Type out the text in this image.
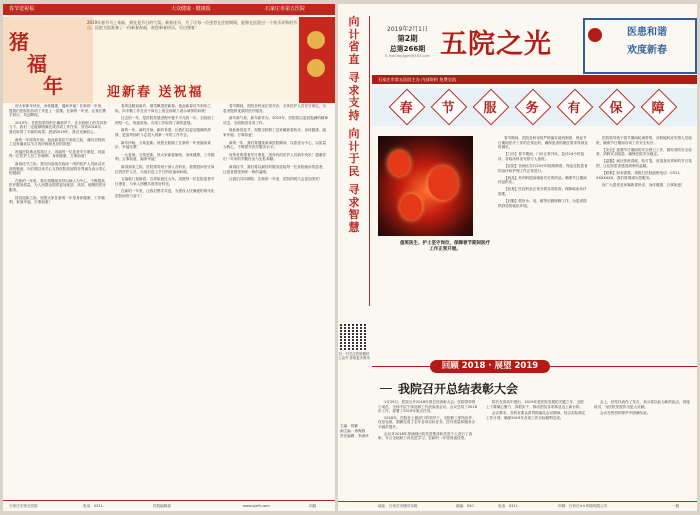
春节送祝福	大众健康 · 健康报	石家庄市第五医院
猪
福
年
2019年春节马上来临，到处是节日的气氛。新春佳节，为了让每一位患者在住院期间，能够在医院过一个快乐祥和的节日，医院为您准备了一份新春祝福，祝您新春快乐，早日康复！
迎新春 送祝福

祝大家新年快乐，身体健康，阖家幸福！在新的一年里，愿我们医院的各项工作更上一层楼。在新的一年里，让我们携手同行，共创辉煌。

2019年，在医院领导的正确领导下，在全院职工的共同努力下，我们一定能够圆满完成各项工作任务。回首2018年，我们取得了丰硕的成果；展望2019年，我们充满信心。

新的一年即将开始，值此新春佳节来临之际，谨向全院职工及家属致以节日的问候和良好的祝愿！

祝福医院事业蒸蒸日上，祝福每一位患者早日康复，祝福每一位医护人员工作顺利、身体健康、万事如意！

新春佳节之际，我们向奋战在临床一线的医护人员致以崇高的敬意，向长期以来关心支持医院发展的各界朋友表示衷心的感谢！

在新的一年里，我们将继续坚持以病人为中心，不断提高医疗服务质量，为人民群众提供更加优质、高效、便捷的医疗服务。

辞旧迎新之际，祝愿大家在新的一年里身体健康、工作顺利、家庭幸福、万事如意！

春风送暖迎新岁，瑞雪飘香贺新春。值此新春佳节到来之际，向辛勤工作在各个岗位上的全体职工表示诚挚的问候！

过去的一年，是医院发展进程中极不平凡的一年。全院职工团结一心、锐意进取，各项工作取得了新的进展。

新的一年，新的开始，新的希望。让我们以更加饱满的热情、更加昂扬的斗志投入到新一年的工作中去。

新年伊始，万象更新。祝愿全院职工在新的一年里阖家欢乐、幸福安康！

一元复始，万象更新。祝大家新春愉快，身体健康，工作顺利，万事如意，阖家幸福！

新春到来之际，医院领导班子深入各科室，看望慰问坚守岗位的医护人员，为他们送上节日的祝福和问候。

五福临门迎新春，吉祥如意过大年。祝愿每一位住院患者早日康复，与家人团聚共度美好时光。

在新的一年里，让我们携手共进，为建设人民满意的现代化医院而努力奋斗！

春节期间，医院各科室正常开诊，全体医护人员坚守岗位，为患者提供优质的医疗服务。

新年新气象，新年新作为。2019年，医院将以更加饱满的精神状态，全面推进各项工作。

值此新春佳节，祝愿全院职工及家属新春快乐、身体健康、阖家幸福、万事如意！

新的一年，我们将继续秉承医院精神，以患者为中心，以质量为核心，不断提升医疗服务水平。

祝所有的患者早日康复，祝所有的医护人员新年快乐！感谢你们一年来的辛勤付出与无私奉献。

新春佳节，我们将以最好的服务迎接每一位来院就诊的患者，让患者感受到家一般的温暖。

让我们共同期待，在新的一年里，医院的明天会更加美好！

石家庄市第五医院	电话：0311-	医院编辑部	www.sjzfh.com	四版
向
计
省
直
寻
求
支
持
向
计
于
民
寻
求
智
慧
2019年2月1日
第2期
总第266期
E-mail:wyzgbfr@163.com 五院之光	医患和谐
欢度新春
石家庄市第五医院主办 内部资料 免费交流
春	节	服	务	有	保	障
值班医生、护士坚守岗位，保障春节期间医疗工作正常开展。

春节期间，医院各科室将严格落实值班制度，保证节日期间医疗工作的正常运转，确保患者的就医需求得到及时满足。

【门诊】春节期间，门诊正常开诊，急诊24小时接诊，各临床科室安排专人值班。

【住院】各病区实行24小时值班制度，保证住院患者的治疗和护理工作正常进行。

【药品】药剂科提前储备充足的药品，确保节日期间药品供应。

【检查】医技科室正常开展各项检查，保障临床诊疗需要。

【后勤】做好水、电、暖等后勤保障工作，为患者提供舒适的就医环境。

医院领导班子春节期间轮流带班，各职能科室安排人员值班，确保节日期间各项工作安全有序。

【安全】加强节日期间的安全保卫工作，做好消防安全检查，消除安全隐患，确保医院安全稳定。

【温馨】病区张贴春联、挂灯笼，营造喜庆祥和的节日氛围，让住院患者感受到家的温暖。

【联系】如有需要，请拨打医院值班电话：0311-XXXXXXX，我们将竭诚为您服务。

祝广大患者及家属新春快乐，身体健康，万事如意！

扫一扫关注医院微信公众号 获取更多资讯
主编：郭颖
副主编：徐海燕
责任编辑：李淑华
回顾 2018 · 展望 2019
我院召开总结表彰大会

1月29日，医院召开2018年度总结表彰大会。医院领导班子成员、全体中层干部及职工代表参加会议。会议总结了2018年工作，部署了2019年重点任务。

2018年，医院在上级部门的领导下，全院职工团结协作、攻坚克难，圆满完成了全年各项目标任务，医疗质量和服务水平稳步提升。

会议对2018年度涌现出的先进集体和先进个人进行了表彰，号召全院职工向先进学习，在新的一年里再创佳绩。

院长在讲话中指出，2019年是医院发展的关键之年，全院上下要凝心聚力、真抓实干，推动医院各项事业迈上新台阶。

会议要求，各科室要认真贯彻落实会议精神，结合实际制定工作计划，确保2019年各项工作目标顺利完成。

会上，获奖代表作了发言，表示将以此为新的起点，再接再厉，为医院发展作出更大贡献。

会议在热烈的掌声中圆满结束。

地址：石家庄市槐安东路	邮编：050	电话：0311-	印刷：石家庄××印刷有限公司	一版
